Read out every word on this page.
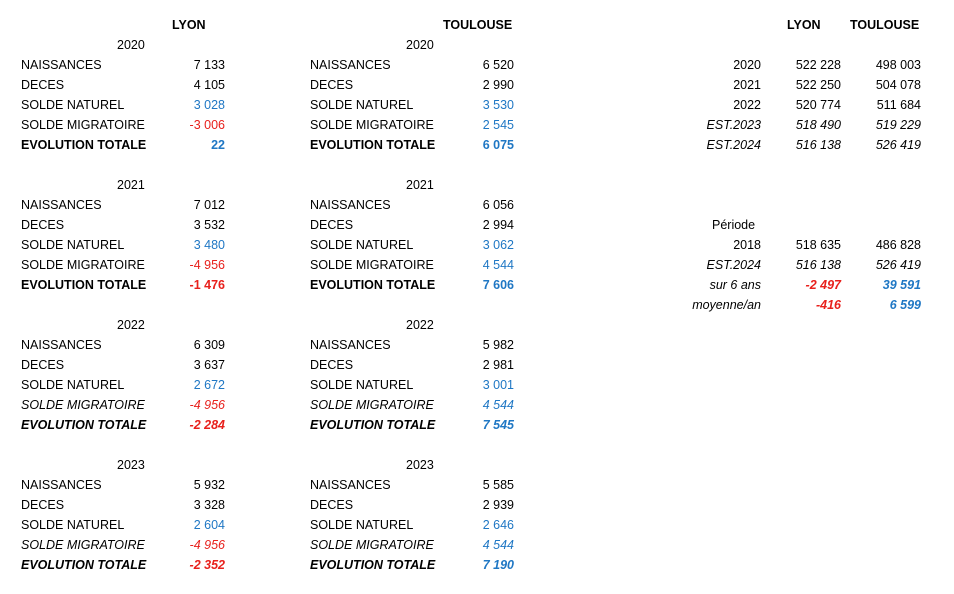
LYON	TOULOUSE	LYON TOULOUSE
2020
NAISSANCES	7 133
DECES	4 105
SOLDE NATUREL	3 028
SOLDE MIGRATOIRE	-3 006
EVOLUTION TOTALE	22
2021
NAISSANCES	7 012
DECES	3 532
SOLDE NATUREL	3 480
SOLDE MIGRATOIRE	-4 956
EVOLUTION TOTALE	-1 476
2022
NAISSANCES	6 309
DECES	3 637
SOLDE NATUREL	2 672
SOLDE MIGRATOIRE	-4 956
EVOLUTION TOTALE	-2 284
2023
NAISSANCES	5 932
DECES	3 328
SOLDE NATUREL	2 604
SOLDE MIGRATOIRE	-4 956
EVOLUTION TOTALE	-2 352
2020
NAISSANCES	6 520
DECES	2 990
SOLDE NATUREL	3 530
SOLDE MIGRATOIRE	2 545
EVOLUTION TOTALE	6 075
2021
NAISSANCES	6 056
DECES	2 994
SOLDE NATUREL	3 062
SOLDE MIGRATOIRE	4 544
EVOLUTION TOTALE	7 606
2022
NAISSANCES	5 982
DECES	2 981
SOLDE NATUREL	3 001
SOLDE MIGRATOIRE	4 544
EVOLUTION TOTALE	7 545
2023
NAISSANCES	5 585
DECES	2 939
SOLDE NATUREL	2 646
SOLDE MIGRATOIRE	4 544
EVOLUTION TOTALE	7 190
2020	522 228	498 003
2021	522 250	504 078
2022	520 774	511 684
EST.2023	518 490	519 229
EST.2024	516 138	526 419
Période
2018	518 635	486 828
EST.2024	516 138	526 419
sur 6 ans	-2 497	39 591
moyenne/an	-416	6 599
